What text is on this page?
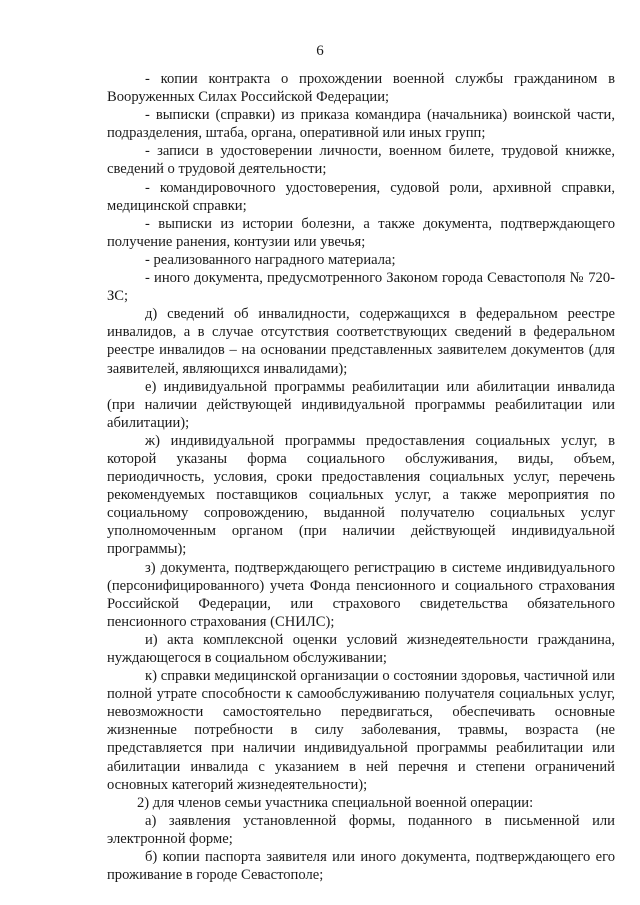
6

- копии контракта о прохождении военной службы гражданином в Вооруженных Силах Российской Федерации;

- выписки (справки) из приказа командира (начальника) воинской части, подразделения, штаба, органа, оперативной или иных групп;

- записи в удостоверении личности, военном билете, трудовой книжке, сведений о трудовой деятельности;

- командировочного удостоверения, судовой роли, архивной справки, медицинской справки;

- выписки из истории болезни, а также документа, подтверждающего получение ранения, контузии или увечья;

- реализованного наградного материала;

- иного документа, предусмотренного Законом города Севастополя № 720-ЗС;

д) сведений об инвалидности, содержащихся в федеральном реестре инвалидов, а в случае отсутствия соответствующих сведений в федеральном реестре инвалидов – на основании представленных заявителем документов (для заявителей, являющихся инвалидами);

е) индивидуальной программы реабилитации или абилитации инвалида (при наличии действующей индивидуальной программы реабилитации или абилитации);

ж) индивидуальной программы предоставления социальных услуг, в которой указаны форма социального обслуживания, виды, объем, периодичность, условия, сроки предоставления социальных услуг, перечень рекомендуемых поставщиков социальных услуг, а также мероприятия по социальному сопровождению, выданной получателю социальных услуг уполномоченным органом (при наличии действующей индивидуальной программы);

з) документа, подтверждающего регистрацию в системе индивидуального (персонифицированного) учета Фонда пенсионного и социального страхования Российской Федерации, или страхового свидетельства обязательного пенсионного страхования (СНИЛС);

и) акта комплексной оценки условий жизнедеятельности гражданина, нуждающегося в социальном обслуживании;

к) справки медицинской организации о состоянии здоровья, частичной или полной утрате способности к самообслуживанию получателя социальных услуг, невозможности самостоятельно передвигаться, обеспечивать основные жизненные потребности в силу заболевания, травмы, возраста (не представляется при наличии индивидуальной программы реабилитации или абилитации инвалида с указанием в ней перечня и степени ограничений основных категорий жизнедеятельности);

2) для членов семьи участника специальной военной операции:

а) заявления установленной формы, поданного в письменной или электронной форме;

б) копии паспорта заявителя или иного документа, подтверждающего его проживание в городе Севастополе;
